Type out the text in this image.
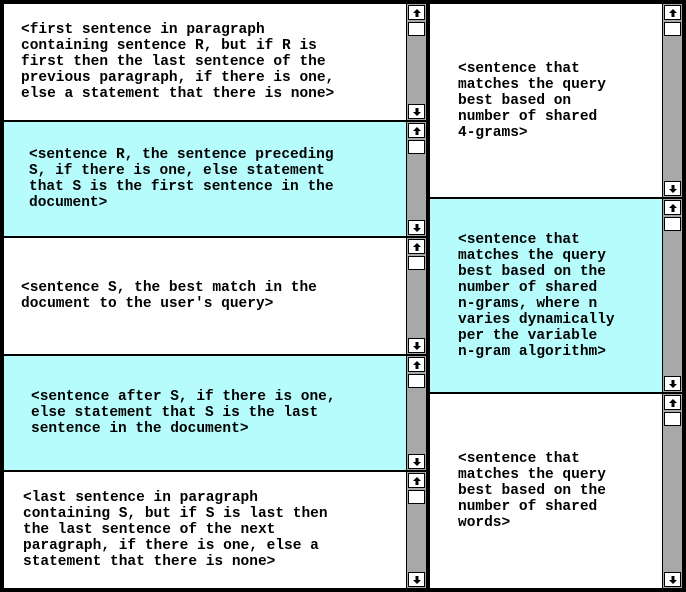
<first sentence in paragraph
containing sentence R, but if R is
first then the last sentence of the
previous paragraph, if there is one,
else a statement that there is none>
<sentence R, the sentence preceding
S, if there is one, else statement
that S is the first sentence in the
document>
<sentence S, the best match in the
document to the user's query>
<sentence after S, if there is one,
else statement that S is the last
sentence in the document>
<last sentence in paragraph
containing S, but if S is last then
the last sentence of the next
paragraph, if there is one, else a
statement that there is none>
<sentence that
matches the query
best based on
number of shared
4-grams>
<sentence that
matches the query
best based on the
number of shared
n-grams, where n
varies dynamically
per the variable
n-gram algorithm>
<sentence that
matches the query
best based on the
number of shared
words>
